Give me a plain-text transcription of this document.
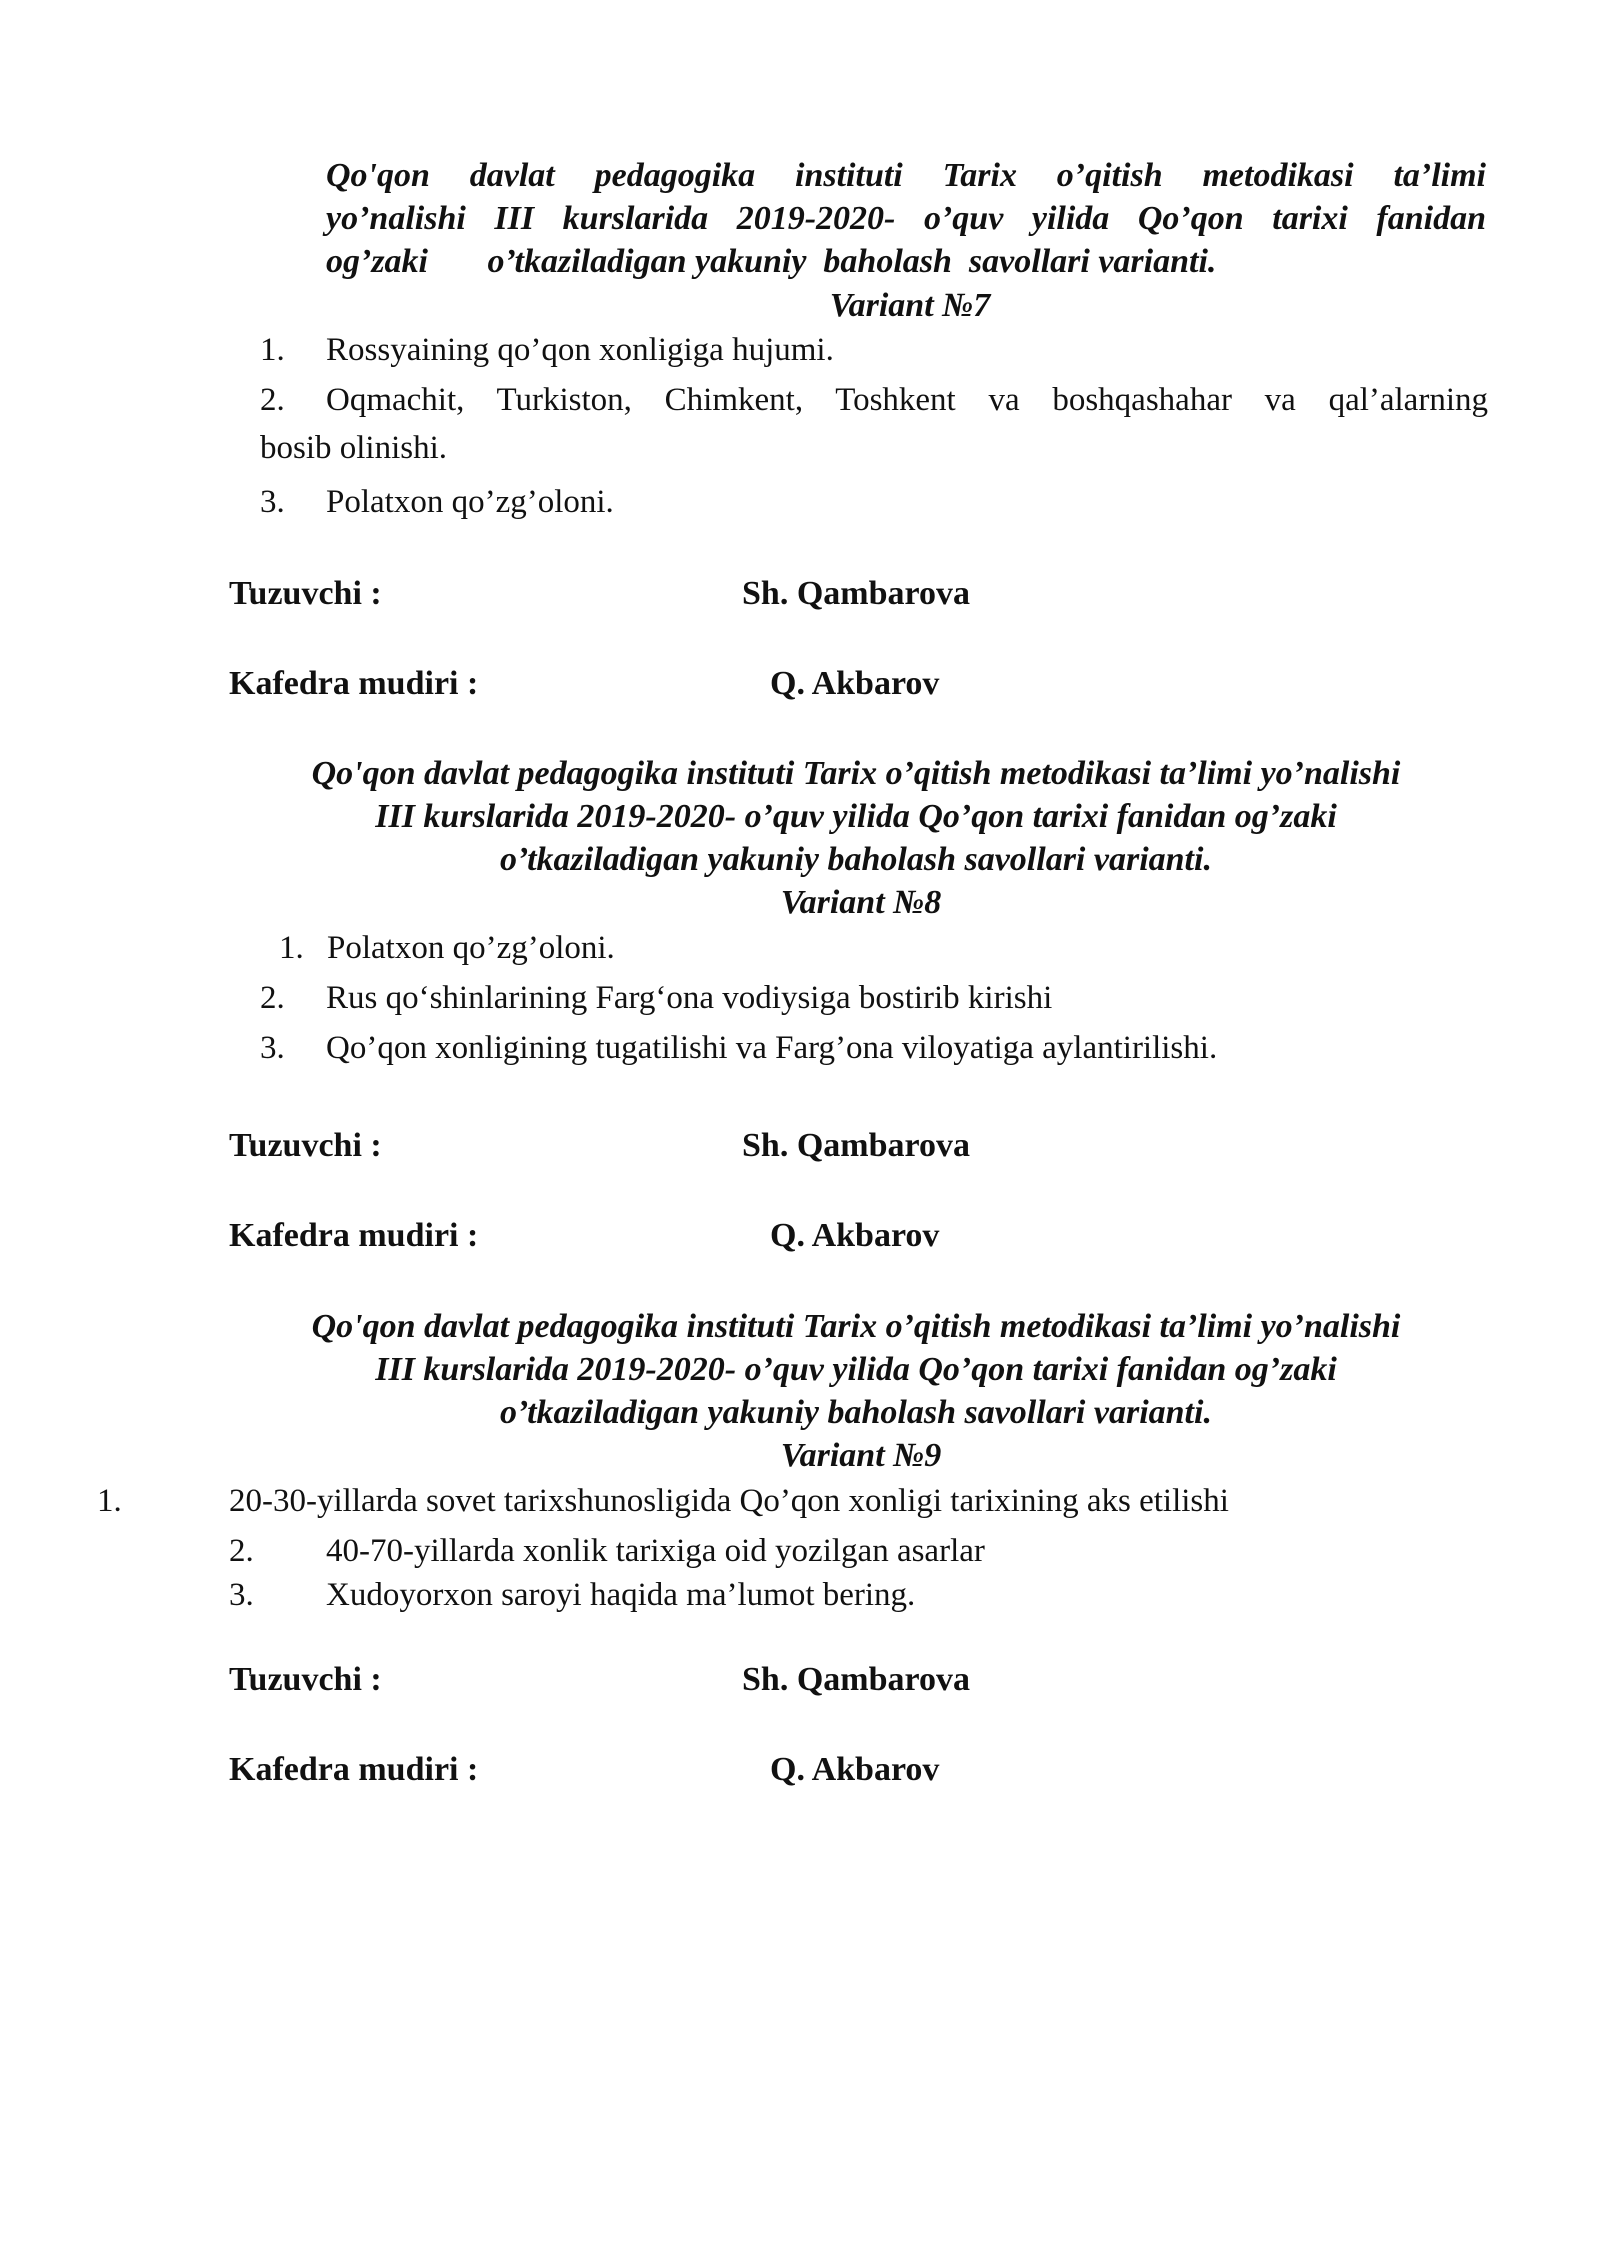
Qo'qon davlat pedagogika instituti Tarix o’qitish metodikasi ta’limi
yo’nalishi III kurslarida 2019-2020- o’quv yilida Qo’qon tarixi fanidan
og’zaki       o’tkaziladigan yakuniy  baholash  savollari varianti.
Variant №7
1. Rossyaining qo’qon xonligiga hujumi.
2. Oqmachit, Turkiston, Chimkent, Toshkent va boshqashahar va qal’alarning
bosib olinishi.
3. Polatxon qo’zg’oloni.
Tuzuvchi :	Sh. Qambarova
Kafedra mudiri :	Q. Akbarov
Qo'qon davlat pedagogika instituti Tarix o’qitish metodikasi ta’limi yo’nalishi
III kurslarida 2019-2020- o’quv yilida Qo’qon tarixi fanidan og’zaki
o’tkaziladigan yakuniy baholash savollari varianti.
Variant №8
1. Polatxon qo’zg’oloni.
2. Rus qo‘shinlarining Farg‘ona vodiysiga bostirib kirishi
3. Qo’qon xonligining tugatilishi va Farg’ona viloyatiga aylantirilishi.
Tuzuvchi :	Sh. Qambarova
Kafedra mudiri :	Q. Akbarov
Qo'qon davlat pedagogika instituti Tarix o’qitish metodikasi ta’limi yo’nalishi
III kurslarida 2019-2020- o’quv yilida Qo’qon tarixi fanidan og’zaki
o’tkaziladigan yakuniy baholash savollari varianti.
Variant №9
1.	20-30-yillarda sovet tarixshunosligida Qo’qon xonligi tarixining aks etilishi
2. 40-70-yillarda xonlik tarixiga oid yozilgan asarlar
3. Xudoyorxon saroyi haqida ma’lumot bering.
Tuzuvchi :	Sh. Qambarova
Kafedra mudiri :	Q. Akbarov
